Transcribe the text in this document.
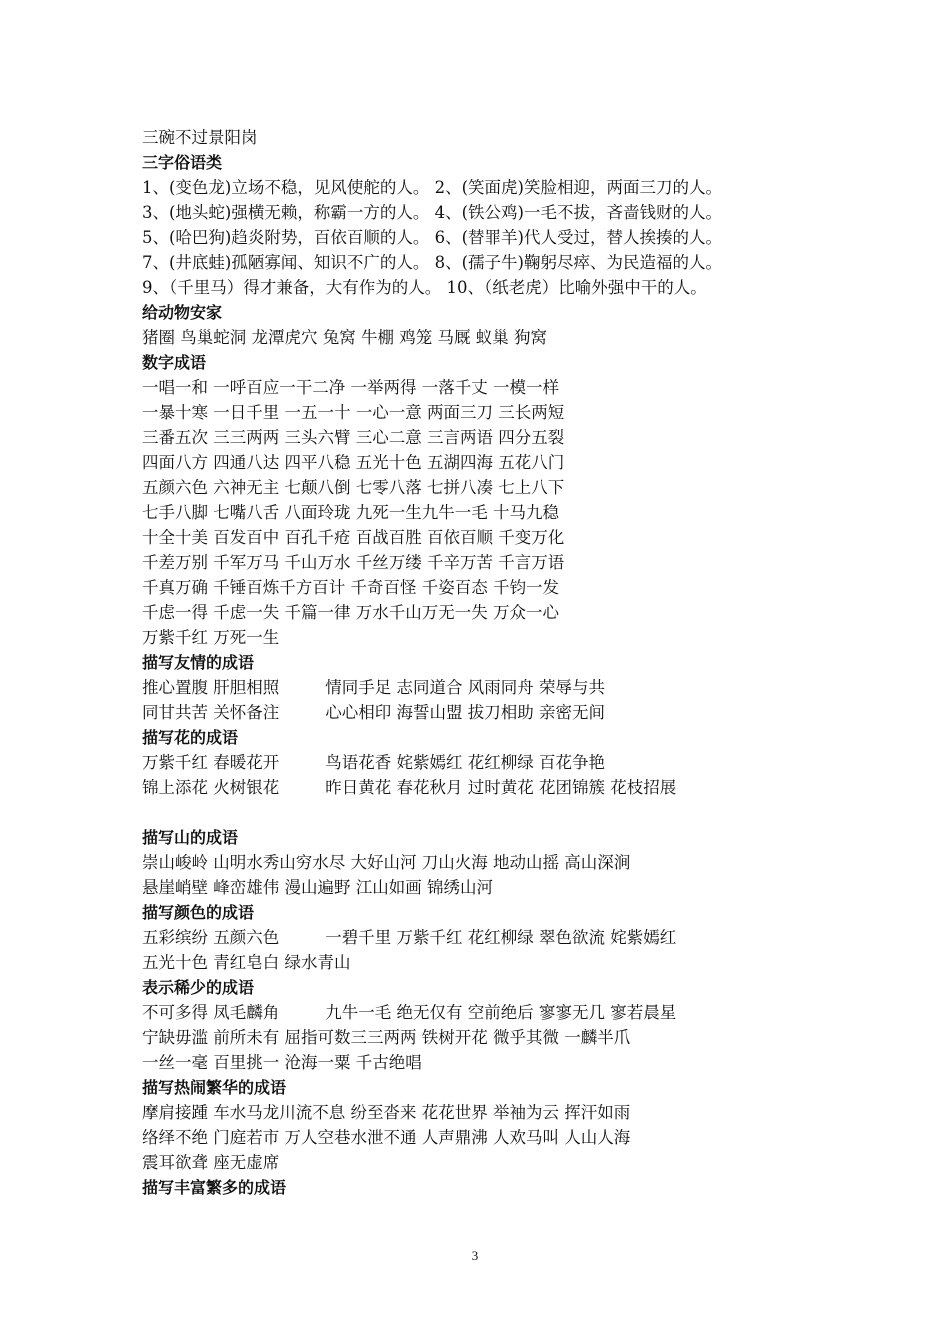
三碗不过景阳岗
三字俗语类
1、(变色龙)立场不稳，见风使舵的人。 2、(笑面虎)笑脸相迎，两面三刀的人。
3、(地头蛇)强横无赖，称霸一方的人。 4、(铁公鸡)一毛不拔，吝啬钱财的人。
5、(哈巴狗)趋炎附势，百依百顺的人。 6、(替罪羊)代人受过，替人挨揍的人。
7、(井底蛙)孤陋寡闻、知识不广的人。 8、(孺子牛)鞠躬尽瘁、为民造福的人。
9、（千里马）得才兼备，大有作为的人。 10、（纸老虎）比喻外强中干的人。
给动物安家
猪圈 鸟巢蛇洞 龙潭虎穴 兔窝 牛棚 鸡笼 马厩 蚁巢 狗窝
数字成语
一唱一和 一呼百应一干二净 一举两得 一落千丈 一模一样
一暴十寒 一日千里 一五一十 一心一意 两面三刀 三长两短
三番五次 三三两两 三头六臂 三心二意 三言两语 四分五裂
四面八方 四通八达 四平八稳 五光十色 五湖四海 五花八门
五颜六色 六神无主 七颠八倒 七零八落 七拼八凑 七上八下
七手八脚 七嘴八舌 八面玲珑 九死一生九牛一毛 十马九稳
十全十美 百发百中 百孔千疮 百战百胜 百依百顺 千变万化
千差万别 千军万马 千山万水 千丝万缕 千辛万苦 千言万语
千真万确 千锤百炼千方百计 千奇百怪 千姿百态 千钧一发
千虑一得 千虑一失 千篇一律 万水千山万无一失 万众一心
万紫千红 万死一生
描写友情的成语
推心置腹 肝胆相照	情同手足 志同道合 风雨同舟 荣辱与共
同甘共苦 关怀备注	心心相印 海誓山盟 拔刀相助 亲密无间
描写花的成语
万紫千红 春暖花开	鸟语花香 姹紫嫣红 花红柳绿 百花争艳
锦上添花 火树银花	昨日黄花 春花秋月 过时黄花 花团锦簇 花枝招展
描写山的成语
崇山峻岭 山明水秀山穷水尽 大好山河 刀山火海 地动山摇 高山深涧
悬崖峭壁 峰峦雄伟 漫山遍野 江山如画 锦绣山河
描写颜色的成语
五彩缤纷 五颜六色	一碧千里 万紫千红 花红柳绿 翠色欲流 姹紫嫣红
五光十色 青红皂白 绿水青山
表示稀少的成语
不可多得 凤毛麟角	九牛一毛 绝无仅有 空前绝后 寥寥无几 寥若晨星
宁缺毋滥 前所未有 屈指可数三三两两 铁树开花 微乎其微 一麟半爪
一丝一毫 百里挑一 沧海一粟 千古绝唱
描写热闹繁华的成语
摩肩接踵 车水马龙川流不息 纷至沓来 花花世界 举袖为云 挥汗如雨
络绎不绝 门庭若市 万人空巷水泄不通 人声鼎沸 人欢马叫 人山人海
震耳欲聋 座无虚席
描写丰富繁多的成语
3
